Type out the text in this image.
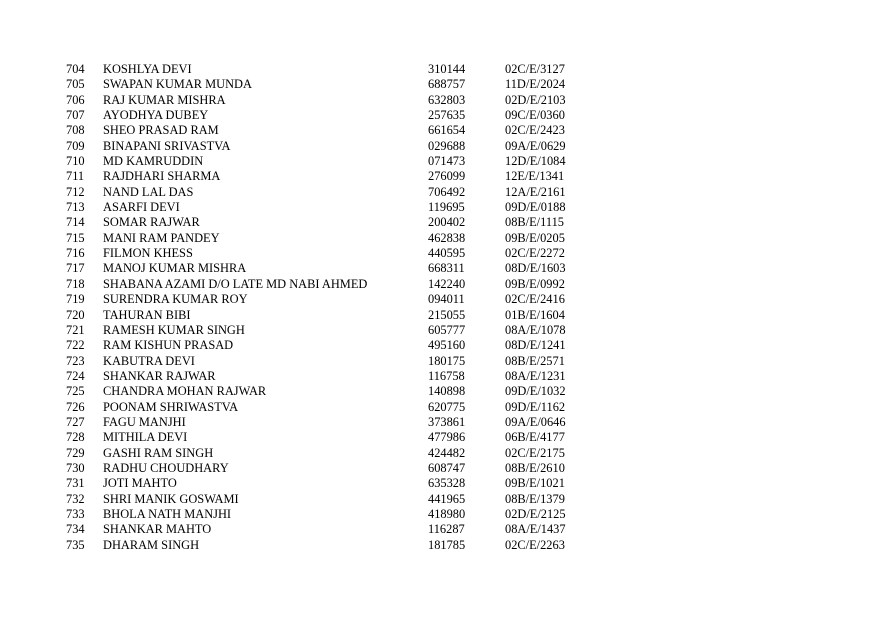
704 KOSHLYA DEVI	310144	02C/E/3127
705 SWAPAN KUMAR MUNDA	688757	11D/E/2024
706 RAJ KUMAR MISHRA	632803	02D/E/2103
707 AYODHYA DUBEY	257635	09C/E/0360
708 SHEO PRASAD RAM	661654	02C/E/2423
709 BINAPANI SRIVASTVA	029688	09A/E/0629
710 MD KAMRUDDIN	071473	12D/E/1084
711 RAJDHARI SHARMA	276099	12E/E/1341
712 NAND LAL DAS	706492	12A/E/2161
713 ASARFI DEVI	119695	09D/E/0188
714 SOMAR RAJWAR	200402	08B/E/1115
715 MANI RAM PANDEY	462838	09B/E/0205
716 FILMON KHESS	440595	02C/E/2272
717 MANOJ KUMAR MISHRA	668311	08D/E/1603
718 SHABANA AZAMI D/O LATE MD NABI AHMED	142240	09B/E/0992
719 SURENDRA KUMAR ROY	094011	02C/E/2416
720 TAHURAN BIBI	215055	01B/E/1604
721 RAMESH KUMAR SINGH	605777	08A/E/1078
722 RAM KISHUN PRASAD	495160	08D/E/1241
723 KABUTRA DEVI	180175	08B/E/2571
724 SHANKAR RAJWAR	116758	08A/E/1231
725 CHANDRA MOHAN RAJWAR	140898	09D/E/1032
726 POONAM SHRIWASTVA	620775	09D/E/1162
727 FAGU MANJHI	373861	09A/E/0646
728 MITHILA DEVI	477986	06B/E/4177
729 GASHI RAM SINGH	424482	02C/E/2175
730 RADHU CHOUDHARY	608747	08B/E/2610
731 JOTI MAHTO	635328	09B/E/1021
732 SHRI MANIK GOSWAMI	441965	08B/E/1379
733 BHOLA NATH MANJHI	418980	02D/E/2125
734 SHANKAR MAHTO	116287	08A/E/1437
735 DHARAM SINGH	181785	02C/E/2263
